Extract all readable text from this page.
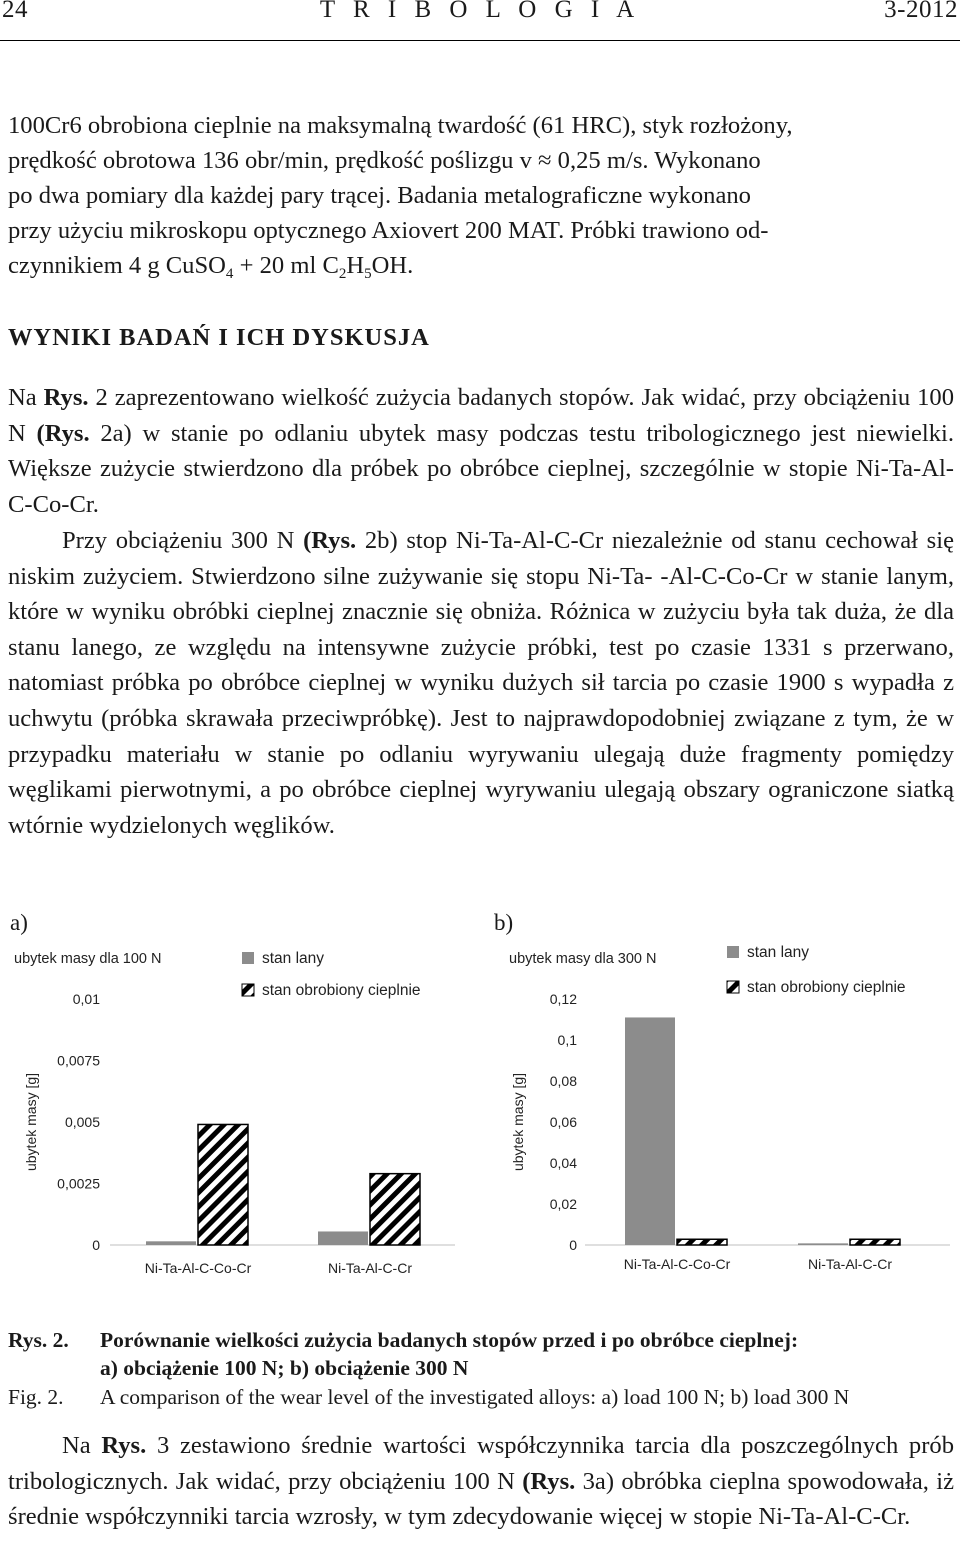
24	T R I B O L O G I A	3-2012

100Cr6 obrobiona cieplnie na maksymalną twardość (61 HRC), styk rozłożony,

prędkość obrotowa 136 obr/min, prędkość poślizgu v ≈ 0,25 m/s. Wykonano

po dwa pomiary dla każdej pary trącej. Badania metalograficzne wykonano

przy użyciu mikroskopu optycznego Axiovert 200 MAT. Próbki trawiono od-

czynnikiem 4 g CuSO$_4$ + 20 ml $C_2H_5OH$.

WYNIKI BADAŃ I ICH DYSKUSJA

Na Rys. 2 zaprezentowano wielkość zużycia badanych stopów. Jak widać, przy obciążeniu 100 N (Rys. 2a) w stanie po odlaniu ubytek masy podczas testu tribologicznego jest niewielki. Większe zużycie stwierdzono dla próbek po obróbce cieplnej, szczególnie w stopie Ni-Ta-Al-C-Co-Cr.

Przy obciążeniu 300 N (Rys. 2b) stop Ni-Ta-Al-C-Cr niezależnie od stanu cechował się niskim zużyciem. Stwierdzono silne zużywanie się stopu Ni-Ta- -Al-C-Co-Cr w stanie lanym, które w wyniku obróbki cieplnej znacznie się obniża. Różnica w zużyciu była tak duża, że dla stanu lanego, ze względu na intensywne zużycie próbki, test po czasie 1331 s przerwano, natomiast próbka po obróbce cieplnej w wyniku dużych sił tarcia po czasie 1900 s wypadła z uchwytu (próbka skrawała przeciwpróbkę). Jest to najprawdopodobniej związane z tym, że w przypadku materiału w stanie po odlaniu wyrywaniu ulegają duże fragmenty pomiędzy węglikami pierwotnymi, a po obróbce cieplnej wyrywaniu ulegają obszary ograniczone siatką wtórnie wydzielonych węglików.

a)	b)
ubytek masy dla 100 N	stan lany
stan obrobiony cieplnie
ubytek masy [g]
0
0,0025
0,005
0,0075
0,01
Ni-Ta-Al-C-Co-Cr	Ni-Ta-Al-C-Cr
ubytek masy dla 300 N	stan lany
stan obrobiony cieplnie
ubytek masy [g]
0
0,02
0,04
0,06
0,08
0,1
0,12
Ni-Ta-Al-C-Co-Cr	Ni-Ta-Al-C-Cr
Rys. 2. Porównanie wielkości zużycia badanych stopów przed i po obróbce cieplnej:
a) obciążenie 100 N; b) obciążenie 300 N
Fig. 2. A comparison of the wear level of the investigated alloys: a) load 100 N; b) load 300 N

Na Rys. 3 zestawiono średnie wartości współczynnika tarcia dla poszczególnych prób tribologicznych. Jak widać, przy obciążeniu 100 N (Rys. 3a) obróbka cieplna spowodowała, iż średnie współczynniki tarcia wzrosły, w tym zdecydowanie więcej w stopie Ni-Ta-Al-C-Cr.
